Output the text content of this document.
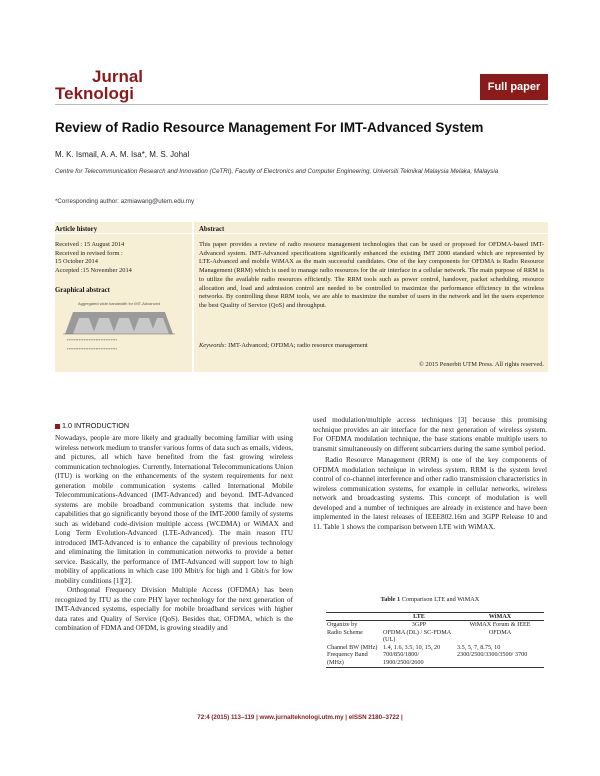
Jurnal
Teknologi	Full paper
Review of Radio Resource Management For IMT-Advanced System
M. K. Ismail, A. A. M. Isa*, M. S. Johal
Centre for Telecommunication Research and Innovation (CeTRI), Faculty of Electronics and Computer Engineering, Universiti Teknikal Malaysia Melaka, Malaysia
*Corresponding author: azmiawang@utem.edu.my
Article history
Received : 15 August 2014
Received in revised form :
15 October 2014
Accepted :15 November 2014
Graphical abstract
Aggregated wide bandwidth for IMT-Advanced
↔↔↔↔↔↔↔↔↔↔↔↔↔↔↔
↔↔↔↔↔↔↔↔↔↔↔↔↔↔↔
Abstract
This paper provides a review of radio resource management technologies that can be used or proposed for OFDMA-based IMT-Advanced system. IMT-Advanced specifications significantly enhanced the existing IMT 2000 standard which are represented by LTE-Advanced and mobile WiMAX as the main successful candidates. One of the key components for OFDMA is Radio Resource Management (RRM) which is used to manage radio resources for the air interface in a cellular network. The main purpose of RRM is to utilize the available radio resources efficiently. The RRM tools such as power control, handover, packet scheduling, resource allocation and, load and admission control are needed to be controlled to maximize the performance efficiency in the wireless networks. By controlling these RRM tools, we are able to maximize the number of users in the network and let the users experience the best Quality of Service (QoS) and throughput.
Keywords: IMT-Advanced; OFDMA; radio resource management
© 2015 Penerbit UTM Press. All rights reserved.
1.0 INTRODUCTION

Nowadays, people are more likely and gradually becoming familiar with using wireless network medium to transfer various forms of data such as emails, videos, and pictures, all which have benefited from the fast growing wireless communication technologies. Currently, International Telecommunications Union (ITU) is working on the enhancements of the system requirements for next generation mobile communication systems called International Mobile Telecommunications-Advanced (IMT-Advanced) and beyond. IMT-Advanced systems are mobile broadband communication systems that include new capabilities that go significantly beyond those of the IMT-2000 family of systems such as wideband code-division multiple access (WCDMA) or WiMAX and Long Term Evolution-Advanced (LTE-Advanced). The main reason ITU introduced IMT-Advanced is to enhance the capability of previous technology and eliminating the limitation in communication networks to provide a better service. Basically, the performance of IMT-Advanced will support low to high mobility of applications in which case 100 Mbit/s for high and 1 Gbit/s for low mobility conditions [1][2].

Orthogonal Frequency Division Multiple Access (OFDMA) has been recognized by ITU as the core PHY layer technology for the next generation of IMT-Advanced systems, especially for mobile broadband services with higher data rates and Quality of Service (QoS). Besides that, OFDMA, which is the combination of FDMA and OFDM, is growing steadily and

used modulation/multiple access techniques [3] because this promising technique provides an air interface for the next generation of wireless system. For OFDMA modulation technique, the base stations enable multiple users to transmit simultaneously on different subcarriers during the same symbol period.

Radio Resource Management (RRM) is one of the key components of OFDMA modulation technique in wireless system. RRM is the system level control of co-channel interference and other radio transmission characteristics in wireless communication systems, for example in cellular networks, wireless network and broadcasting systems. This concept of modulation is well developed and a number of techniques are already in existence and have been implemented in the latest releases of IEEE802.16m and 3GPP Release 10 and 11. Table 1 shows the comparison between LTE with WiMAX.

Table 1 Comparison LTE and WiMAX
	LTE	WiMAX
Organize by	3GPP	WiMAX Forum & IEEE
Radio Scheme	OFDMA (DL) / SC-FDMA (UL)	OFDMA
Channel BW (MHz)	1.4, 1.6, 3.5, 10, 15, 20	3.5, 5, 7, 8.75, 10
Frequency Band (MHz)	700/850/1800/ 1900/2500/2600	2300/2500/3300/3500/ 3700
72:4 (2015) 113–119 | www.jurnalteknologi.utm.my | eISSN 2180–3722 |
